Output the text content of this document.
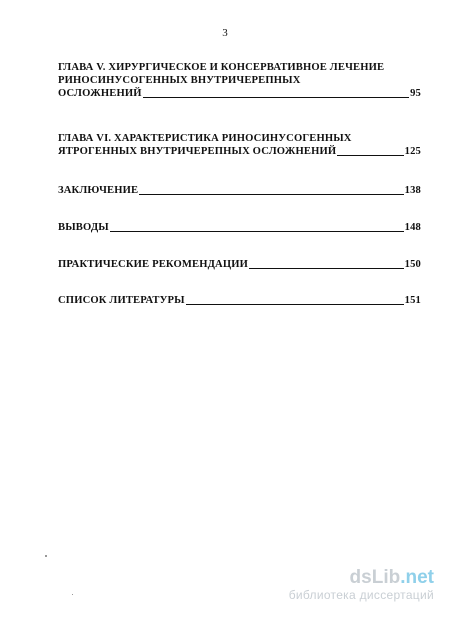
3
ГЛАВА V. ХИРУРГИЧЕСКОЕ И КОНСЕРВАТИВНОЕ ЛЕЧЕНИЕ
РИНОСИНУСОГЕННЫХ ВНУТРИЧЕРЕПНЫХ
ОСЛОЖНЕНИЙ	95
ГЛАВА VI. ХАРАКТЕРИСТИКА РИНОСИНУСОГЕННЫХ
ЯТРОГЕННЫХ ВНУТРИЧЕРЕПНЫХ ОСЛОЖНЕНИЙ	125
ЗАКЛЮЧЕНИЕ	138
ВЫВОДЫ	148
ПРАКТИЧЕСКИЕ РЕКОМЕНДАЦИИ	150
СПИСОК ЛИТЕРАТУРЫ	151
dsLib.net
библиотека диссертаций
